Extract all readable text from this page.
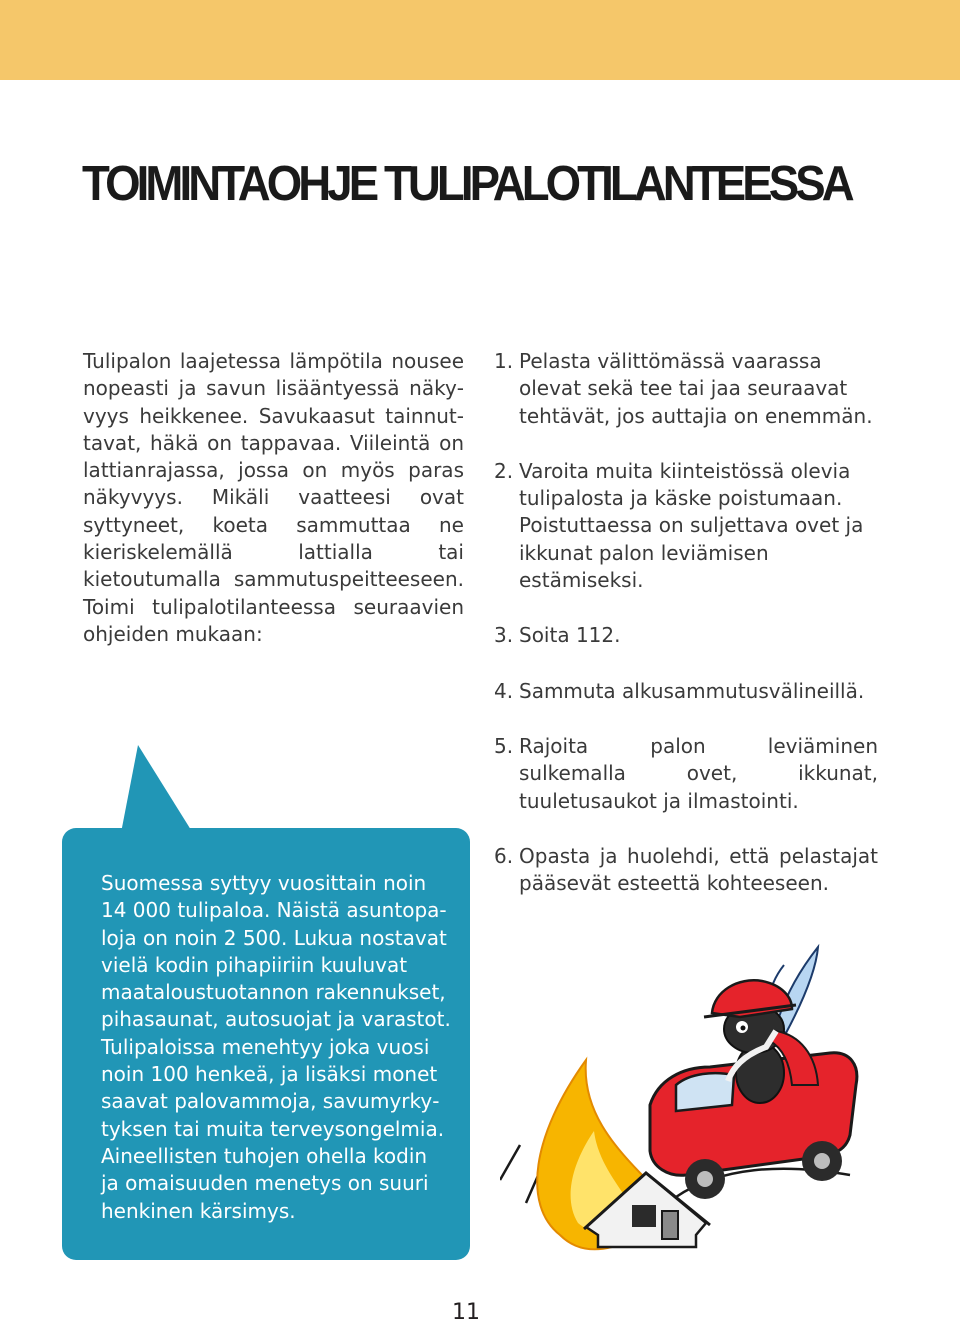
TOIMINTAOHJE TULIPALOTILANTEESSA

Tulipalon laajetessa lämpötila nousee nopeasti ja savun lisääntyessä näkyvyys heikkenee. Savukaasut tainnuttavat, häkä on tappavaa. Viileintä on lattianrajassa, jossa on myös paras näkyvyys. Mikäli vaatteesi ovat syttyneet, koeta sammuttaa ne kieriskelemällä lattialla tai kietoutumalla sammutuspeitteeseen. Toimi tulipalotilanteessa seuraavien ohjeiden mukaan:

1. Pelasta välittömässä vaarassa olevat sekä tee tai jaa seuraavat tehtävät, jos auttajia on enemmän.
2. Varoita muita kiinteistössä olevia tulipalosta ja käske poistumaan. Poistuttaessa on suljettava ovet ja ikkunat palon leviämisen estämiseksi.
3. Soita 112.
4. Sammuta alkusammutusvälineillä.
5. Rajoita palon leviäminen sulkemalla ovet, ikkunat, tuuletusaukot ja ilmastointi.
6. Opasta ja huolehdi, että pelastajat pääsevät esteettä kohteeseen.

Suomessa syttyy vuosittain noin 14 000 tulipaloa. Näistä asuntopaloja on noin 2 500. Lukua nostavat vielä kodin pihapiiriin kuuluvat maataloustuotannon rakennukset, pihasaunat, autosuojat ja varastot. Tulipaloissa menehtyy joka vuosi noin 100 henkeä, ja lisäksi monet saavat palovammoja, savumyrkytyksen tai muita terveysongelmia. Aineellisten tuhojen ohella kodin ja omaisuuden menetys on suuri henkinen kärsimys.

11
